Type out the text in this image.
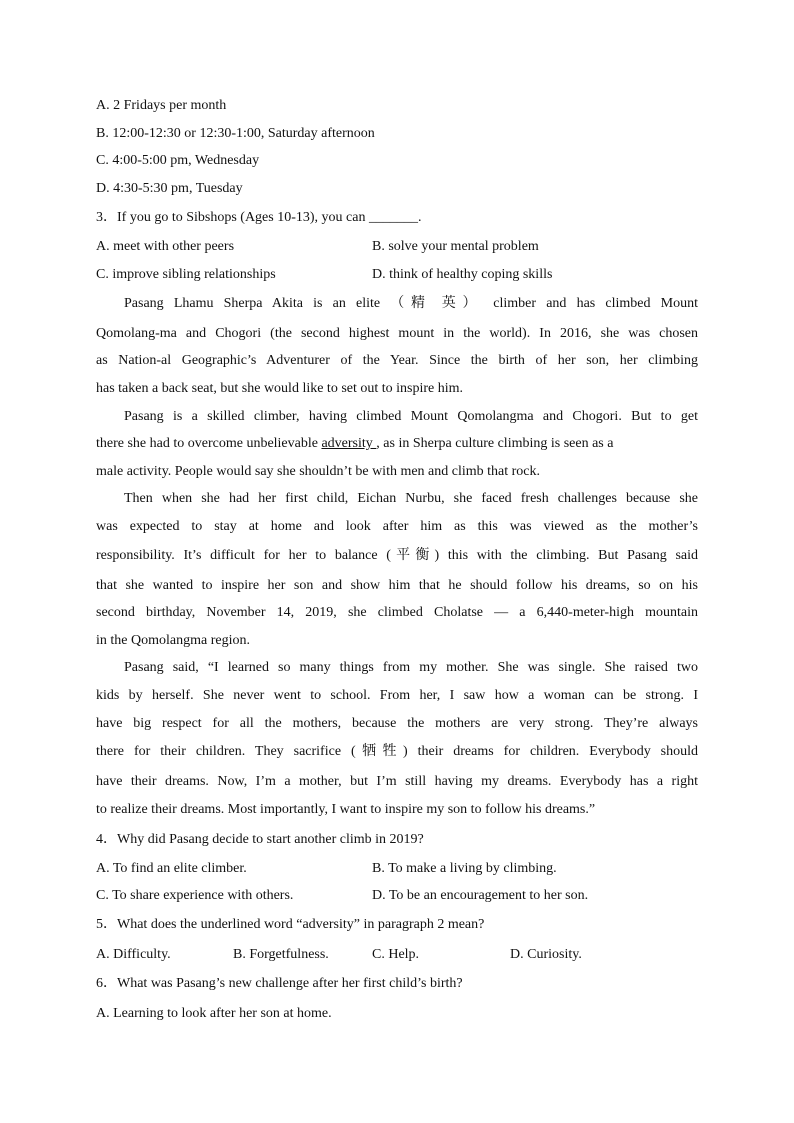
A. 2 Fridays per month
B. 12:00-12:30 or 12:30-1:00, Saturday afternoon
C. 4:00-5:00 pm, Wednesday
D. 4:30-5:30 pm, Tuesday
3．If you go to Sibshops (Ages 10-13), you can _______.
A. meet with other peers	B. solve your mental problem
C. improve sibling relationships	D. think of healthy coping skills
Pasang Lhamu Sherpa Akita is an elite （精 英） climber and has climbed Mount
Qomolang-ma and Chogori (the second highest mount in the world). In 2016, she was chosen
as Nation-al Geographic’s Adventurer of the Year. Since the birth of her son, her climbing
has taken a back seat, but she would like to set out to inspire him.
Pasang is a skilled climber, having climbed Mount Qomolangma and Chogori. But to get
there she had to overcome unbelievable adversity , as in Sherpa culture climbing is seen as a
male activity. People would say she shouldn’t be with men and climb that rock.
Then when she had her first child, Eichan Nurbu, she faced fresh challenges because she
was expected to stay at home and look after him as this was viewed as the mother’s
responsibility. It’s difficult for her to balance (平衡) this with the climbing. But Pasang said
that she wanted to inspire her son and show him that he should follow his dreams, so on his
second birthday, November 14, 2019, she climbed Cholatse — a 6,440-meter-high mountain
in the Qomolangma region.
Pasang said, “I learned so many things from my mother. She was single. She raised two
kids by herself. She never went to school. From her, I saw how a woman can be strong. I
have big respect for all the mothers, because the mothers are very strong. They’re always
there for their children. They sacrifice (牺牲) their dreams for children. Everybody should
have their dreams. Now, I’m a mother, but I’m still having my dreams. Everybody has a right
to realize their dreams. Most importantly, I want to inspire my son to follow his dreams.”
4．Why did Pasang decide to start another climb in 2019?
A. To find an elite climber.	B. To make a living by climbing.
C. To share experience with others.	D. To be an encouragement to her son.
5．What does the underlined word “adversity” in paragraph 2 mean?
A. Difficulty.	B. Forgetfulness.	C. Help.	D. Curiosity.
6．What was Pasang’s new challenge after her first child’s birth?
A. Learning to look after her son at home.
